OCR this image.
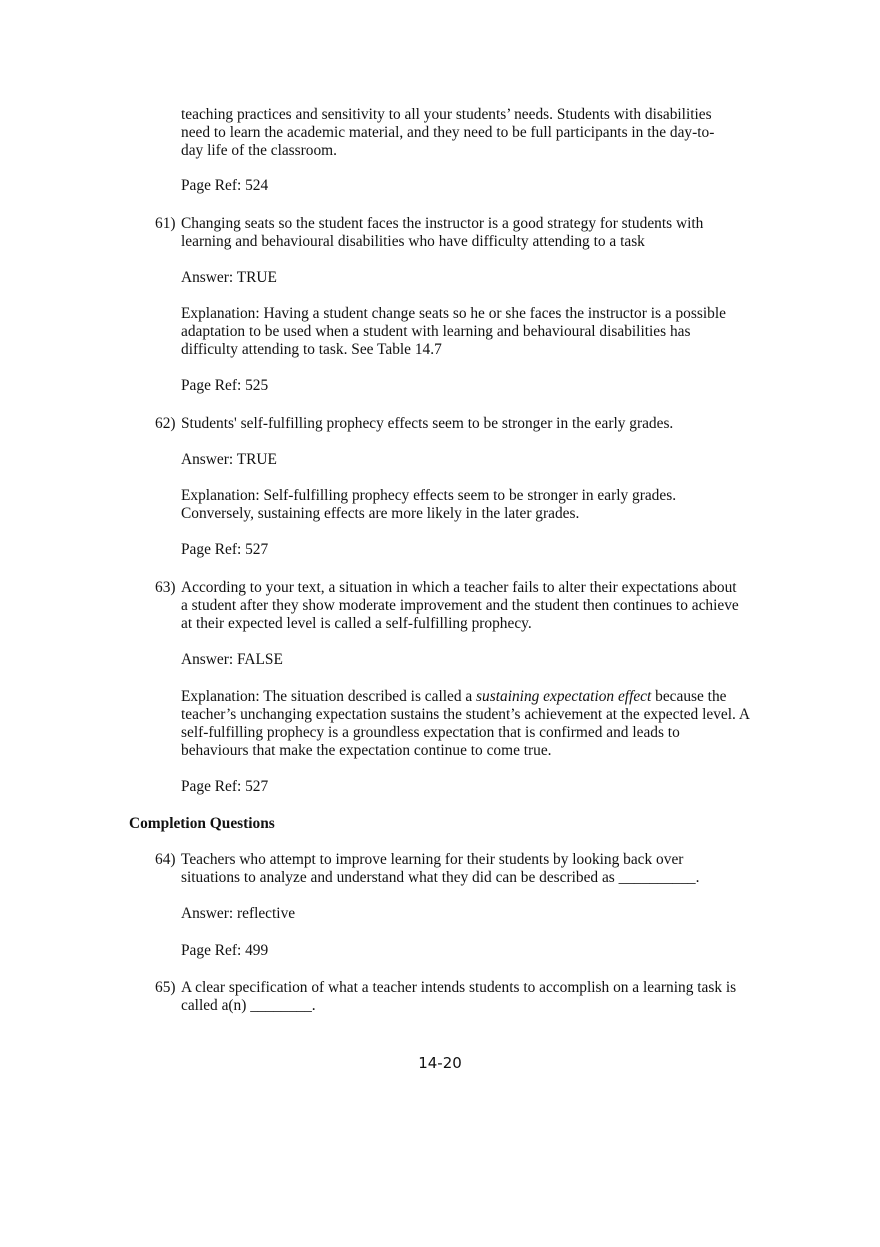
teaching practices and sensitivity to all your students’ needs. Students with disabilities need to learn the academic material, and they need to be full participants in the day-to-day life of the classroom.

Page Ref: 524

61) Changing seats so the student faces the instructor is a good strategy for students with learning and behavioural disabilities who have difficulty attending to a task

Answer: TRUE

Explanation: Having a student change seats so he or she faces the instructor is a possible adaptation to be used when a student with learning and behavioural disabilities has difficulty attending to task. See Table 14.7

Page Ref: 525

62) Students' self-fulfilling prophecy effects seem to be stronger in the early grades.

Answer: TRUE

Explanation: Self-fulfilling prophecy effects seem to be stronger in early grades. Conversely, sustaining effects are more likely in the later grades.

Page Ref: 527

63) According to your text, a situation in which a teacher fails to alter their expectations about a student after they show moderate improvement and the student then continues to achieve at their expected level is called a self-fulfilling prophecy.

Answer: FALSE

Explanation: The situation described is called a sustaining expectation effect because the teacher’s unchanging expectation sustains the student’s achievement at the expected level. A self-fulfilling prophecy is a groundless expectation that is confirmed and leads to behaviours that make the expectation continue to come true.

Page Ref: 527

Completion Questions

64) Teachers who attempt to improve learning for their students by looking back over situations to analyze and understand what they did can be described as __________.

Answer: reflective

Page Ref: 499

65) A clear specification of what a teacher intends students to accomplish on a learning task is called a(n) ________.

14-20
